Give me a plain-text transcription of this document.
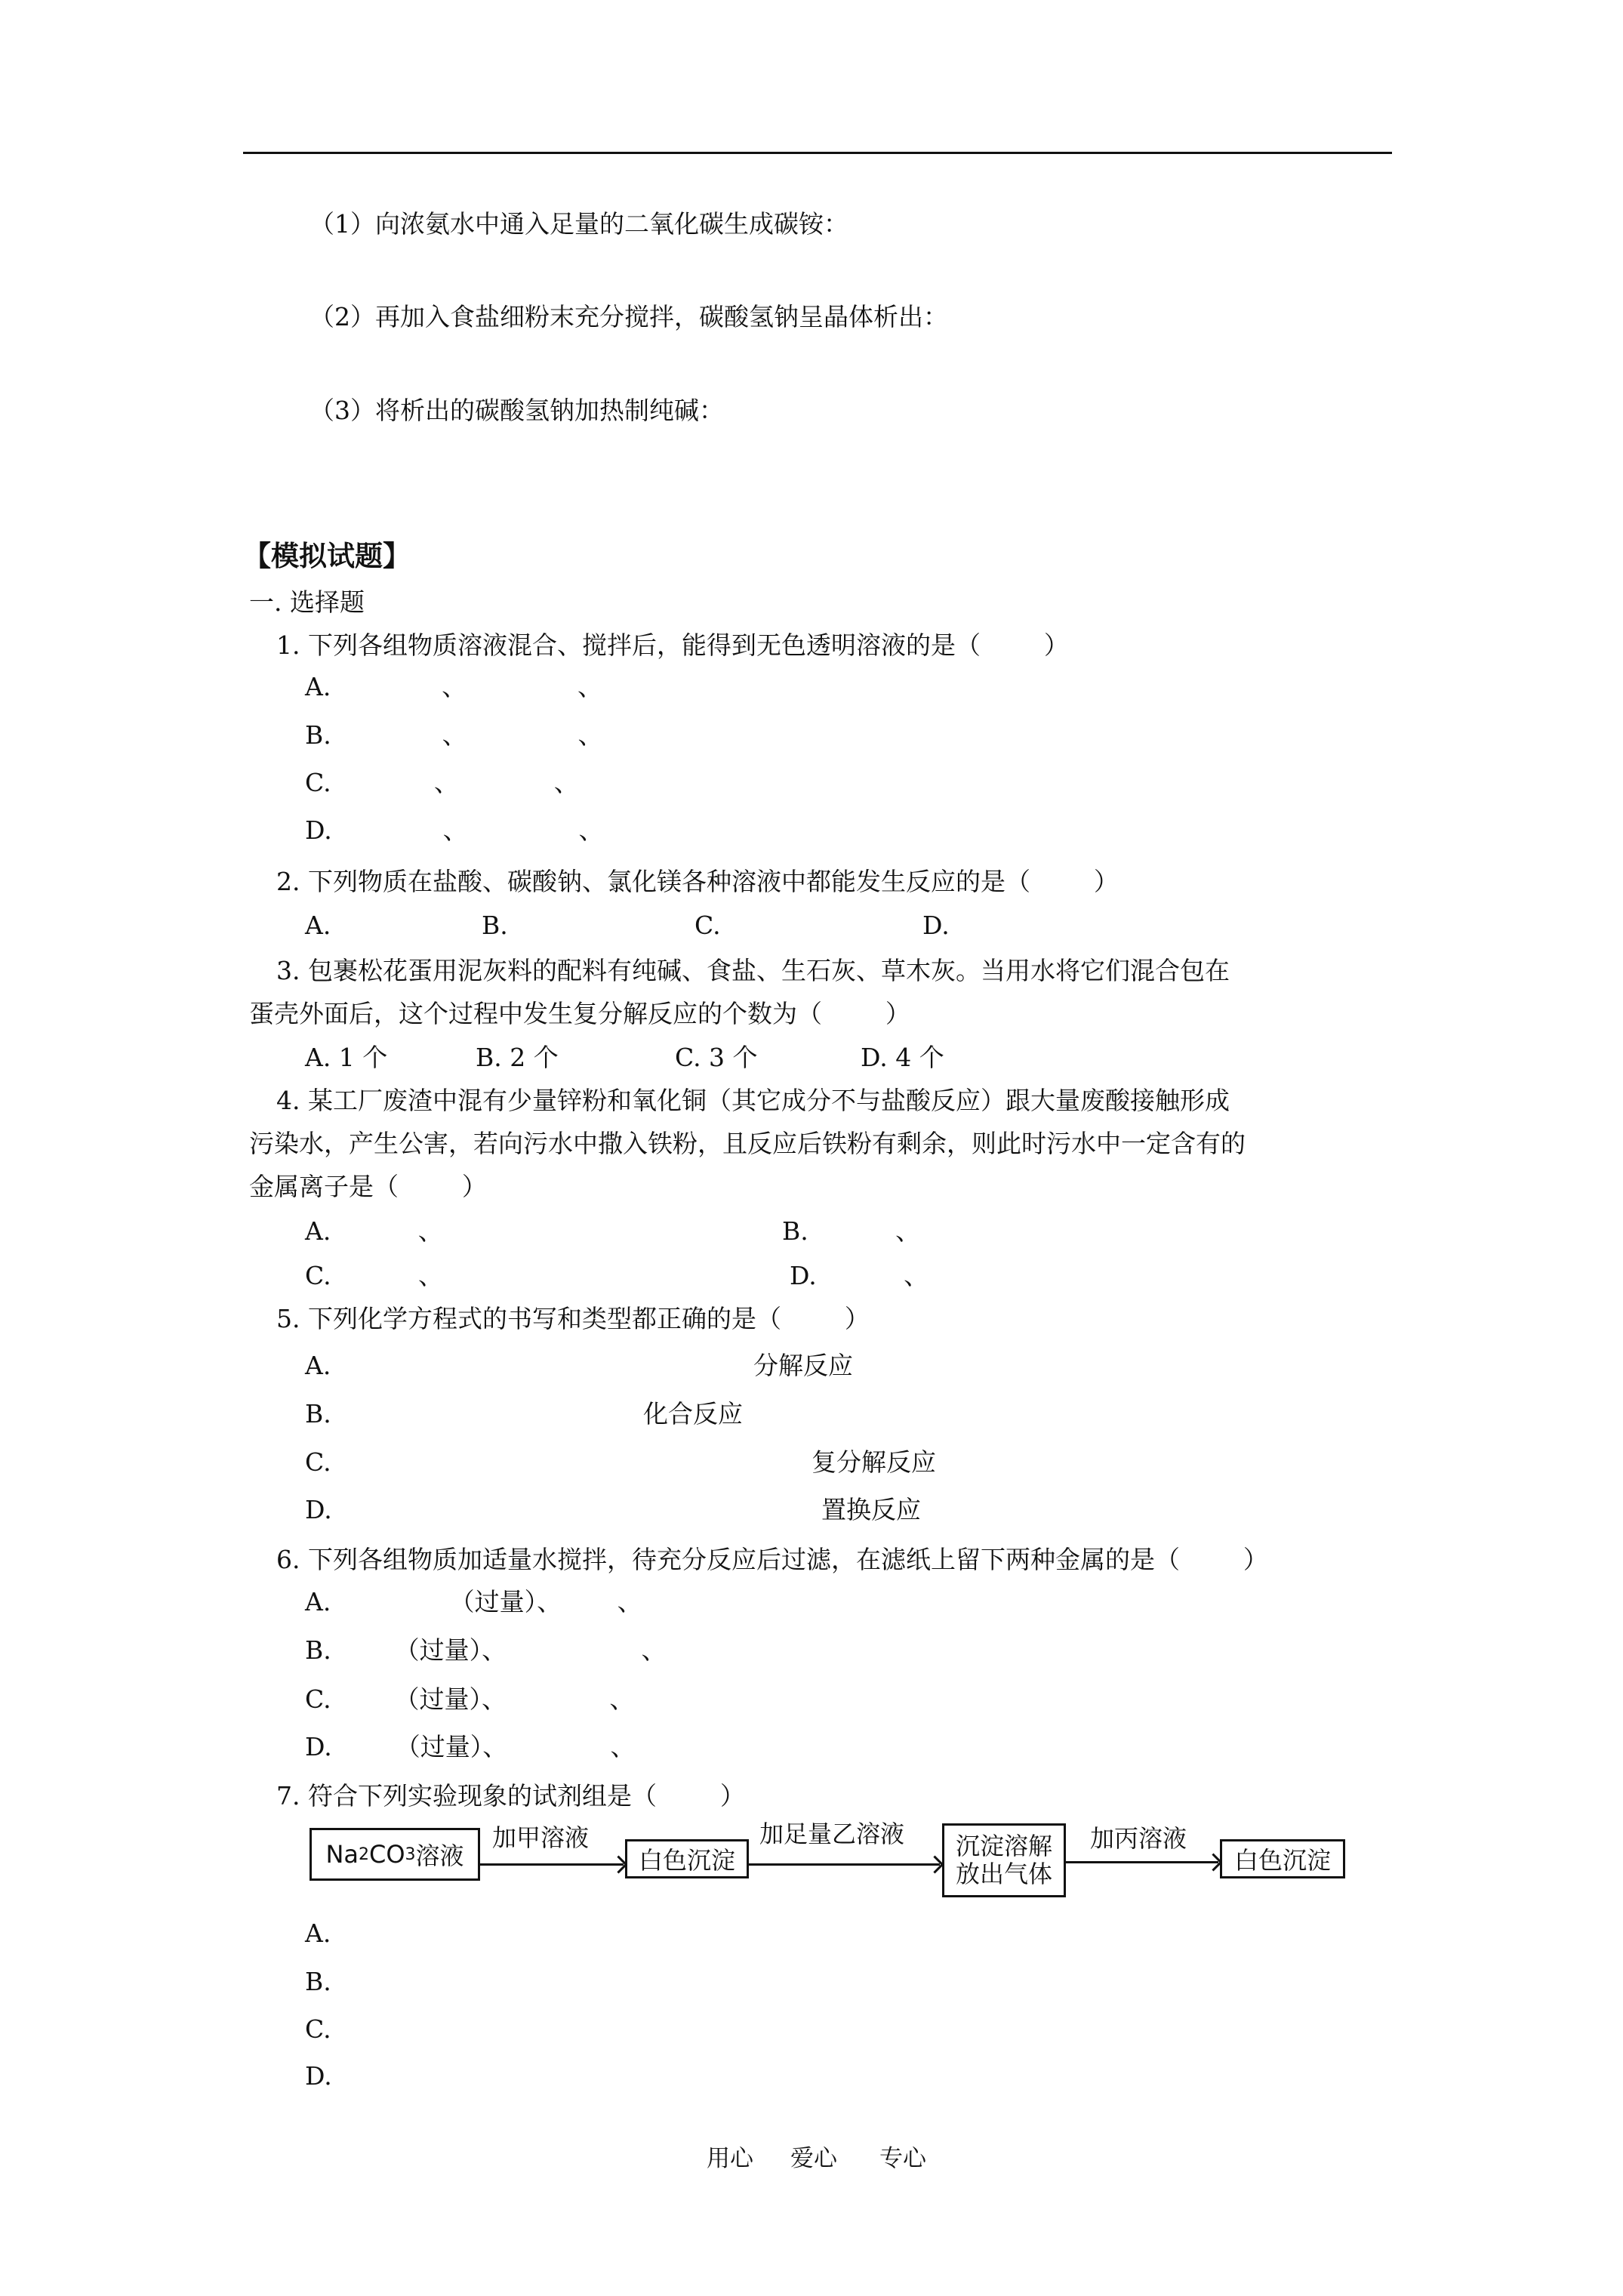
（1）向浓氨水中通入足量的二氧化碳生成碳铵：
（2）再加入食盐细粉末充分搅拌，碳酸氢钠呈晶体析出：
（3）将析出的碳酸氢钠加热制纯碱：
【模拟试题】
一. 选择题
1. 下列各组物质溶液混合、搅拌后，能得到无色透明溶液的是（        ）
A.              、              、
B.              、              、
C.             、            、
D.              、              、
2. 下列物质在盐酸、碳酸钠、氯化镁各种溶液中都能发生反应的是（        ）
A.	B.	C.	D.
3. 包裹松花蛋用泥灰料的配料有纯碱、食盐、生石灰、草木灰。当用水将它们混合包在
蛋壳外面后，这个过程中发生复分解反应的个数为（        ）
A. 1 个	B. 2 个	C. 3 个	D. 4 个
4. 某工厂废渣中混有少量锌粉和氧化铜（其它成分不与盐酸反应）跟大量废酸接触形成
污染水，产生公害，若向污水中撒入铁粉，且反应后铁粉有剩余，则此时污水中一定含有的
金属离子是（        ）
A.           、	B.           、
C.           、	D.           、
5. 下列化学方程式的书写和类型都正确的是（        ）
A.	分解反应
B.	化合反应
C.	复分解反应
D.	置换反应
6. 下列各组物质加适量水搅拌，待充分反应后过滤，在滤纸上留下两种金属的是（        ）
A.               （过量）、       、
B.        （过量）、                 、
C.        （过量）、             、
D.        （过量）、             、
7. 符合下列实验现象的试剂组是（        ）
Na 2 CO 3 溶液
加甲溶液
白色沉淀
加足量乙溶液 沉淀溶解
放出气体
加丙溶液
白色沉淀
A.
B.
C.
D.
用心 爱心 专心
